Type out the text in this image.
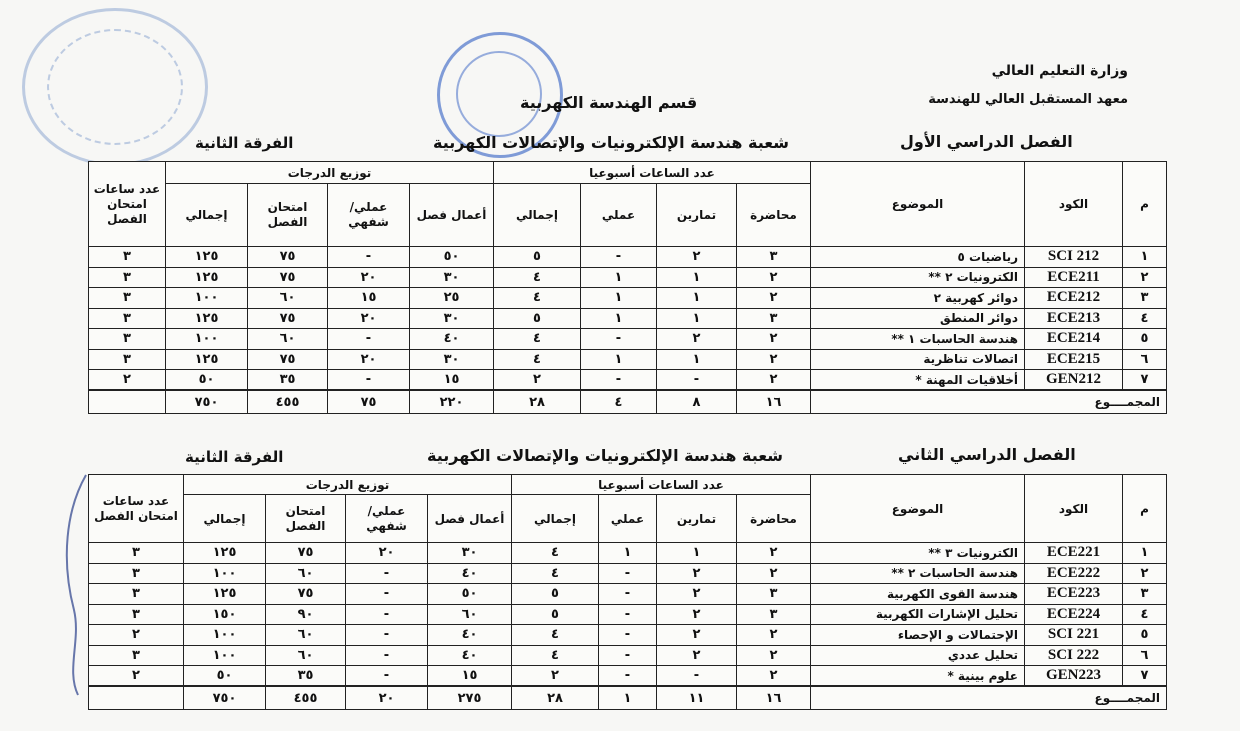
وزارة التعليم العالي
معهد المستقبل العالي للهندسة
قسم الهندسة الكهربية
الفصل الدراسي الأول
شعبة هندسة الإلكترونيات والإتصالات الكهربية
الفرقة الثانية
م	الكود	الموضوع	عدد الساعات أسبوعيا				توزيع الدرجات				عدد ساعات امتحان الفصل
			محاضرة	تمارين	عملي	إجمالي	أعمال فصل	عملي/ شفهي	امتحان الفصل	إجمالي	
١	SCI 212	رياضيات ٥	٣	٢	-	٥	٥٠	-	٧٥	١٢٥	٣
٢	ECE211	الكترونيات ٢ **	٢	١	١	٤	٣٠	٢٠	٧٥	١٢٥	٣
٣	ECE212	دوائر كهربية ٢	٢	١	١	٤	٢٥	١٥	٦٠	١٠٠	٣
٤	ECE213	دوائر المنطق	٣	١	١	٥	٣٠	٢٠	٧٥	١٢٥	٣
٥	ECE214	هندسة الحاسبات ١ **	٢	٢	-	٤	٤٠	-	٦٠	١٠٠	٣
٦	ECE215	اتصالات تناظرية	٢	١	١	٤	٣٠	٢٠	٧٥	١٢٥	٣
٧	GEN212	أخلاقيات المهنة *	٢	-	-	٢	١٥	-	٣٥	٥٠	٢
المجمــــوع			١٦	٨	٤	٢٨	٢٢٠	٧٥	٤٥٥	٧٥٠	
الفصل الدراسي الثاني
شعبة هندسة الإلكترونيات والإتصالات الكهربية
الفرقة الثانية
م	الكود	الموضوع	عدد الساعات أسبوعيا				توزيع الدرجات				عدد ساعات امتحان الفصل
			محاضرة	تمارين	عملي	إجمالي	أعمال فصل	عملي/ شفهي	امتحان الفصل	إجمالي	
١	ECE221	الكترونيات ٣ **	٢	١	١	٤	٣٠	٢٠	٧٥	١٢٥	٣
٢	ECE222	هندسة الحاسبات ٢ **	٢	٢	-	٤	٤٠	-	٦٠	١٠٠	٣
٣	ECE223	هندسة القوى الكهربية	٣	٢	-	٥	٥٠	-	٧٥	١٢٥	٣
٤	ECE224	تحليل الإشارات الكهربية	٣	٢	-	٥	٦٠	-	٩٠	١٥٠	٣
٥	SCI 221	الإحتمالات و الإحصاء	٢	٢	-	٤	٤٠	-	٦٠	١٠٠	٢
٦	SCI 222	تحليل عددي	٢	٢	-	٤	٤٠	-	٦٠	١٠٠	٣
٧	GEN223	علوم بينية *	٢	-	-	٢	١٥	-	٣٥	٥٠	٢
المجمــــوع			١٦	١١	١	٢٨	٢٧٥	٢٠	٤٥٥	٧٥٠	
